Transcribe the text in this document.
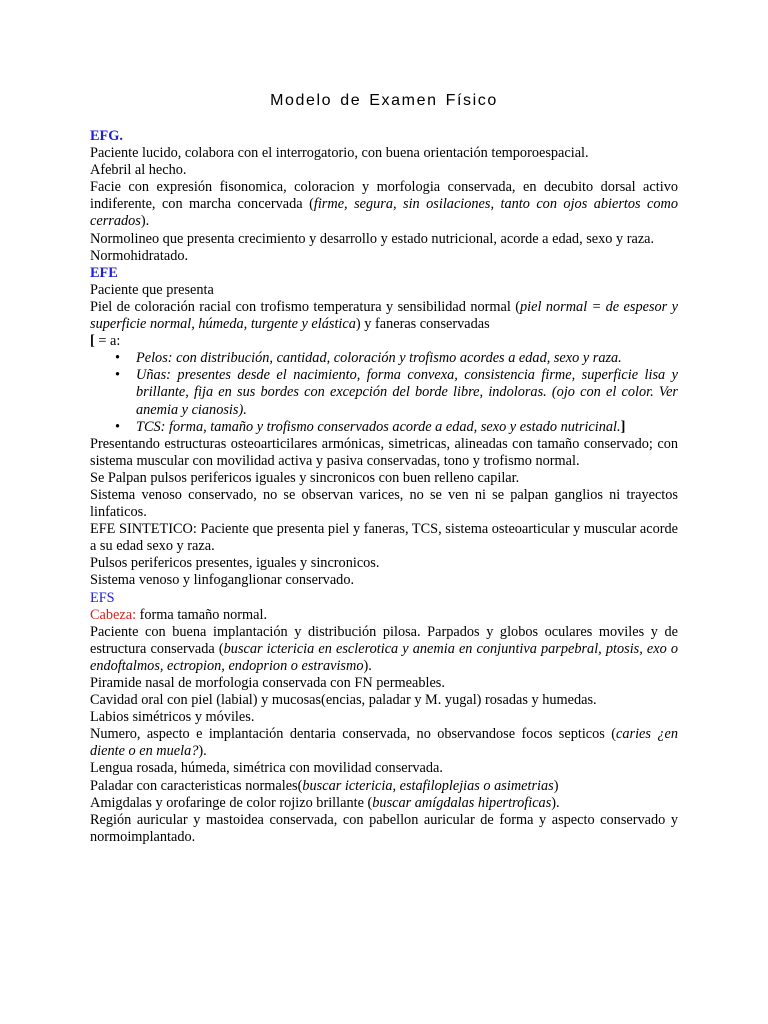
Modelo de Examen Físico

EFG.

Paciente lucido, colabora con el interrogatorio, con buena orientación temporoespacial.

Afebril al hecho.

Facie con expresión fisonomica, coloracion y morfologia conservada, en decubito dorsal activo indiferente, con marcha concervada (firme, segura, sin osilaciones, tanto con ojos abiertos como cerrados).

Normolineo que presenta crecimiento y desarrollo y estado nutricional, acorde a edad, sexo y raza.

Normohidratado.

EFE

Paciente que presenta

Piel de coloración racial con trofismo temperatura y sensibilidad normal (piel normal = de espesor y superficie normal, húmeda, turgente y elástica) y faneras conservadas

[ = a:

• Pelos: con distribución, cantidad, coloración y trofismo acordes a edad, sexo y raza.
• Uñas: presentes desde el nacimiento, forma convexa, consistencia firme, superficie lisa y brillante, fija en sus bordes con excepción del borde libre, indoloras. (ojo con el color. Ver anemia y cianosis).
• TCS: forma, tamaño y trofismo conservados acorde a edad, sexo y estado nutricinal.]

Presentando estructuras osteoarticilares armónicas, simetricas, alineadas con tamaño conservado; con sistema muscular con movilidad activa y pasiva conservadas, tono y trofismo normal.

Se Palpan pulsos perifericos iguales y sincronicos con buen relleno capilar.

Sistema venoso conservado, no se observan varices, no se ven ni se palpan ganglios ni trayectos linfaticos.

EFE SINTETICO: Paciente que presenta piel y faneras, TCS, sistema osteoarticular y muscular acorde a su edad sexo y raza.

Pulsos perifericos presentes, iguales y sincronicos.

Sistema venoso y linfoganglionar conservado.

EFS

Cabeza: forma tamaño normal.

Paciente con buena implantación y distribución pilosa. Parpados y globos oculares moviles y de estructura conservada (buscar ictericia en esclerotica y anemia en conjuntiva parpebral, ptosis, exo o endoftalmos, ectropion, endoprion o estravismo).

Piramide nasal de morfologia conservada con FN permeables.

Cavidad oral con piel (labial) y mucosas(encias, paladar y M. yugal) rosadas y humedas.

Labios simétricos y móviles.

Numero, aspecto e implantación dentaria conservada, no observandose focos septicos (caries ¿en diente o en muela?).

Lengua rosada, húmeda, simétrica con movilidad conservada.

Paladar con caracteristicas normales(buscar ictericia, estafiloplejias o asimetrias)

Amigdalas y orofaringe de color rojizo brillante (buscar amígdalas hipertroficas).

Región auricular y mastoidea conservada, con pabellon auricular de forma y aspecto conservado y normoimplantado.
